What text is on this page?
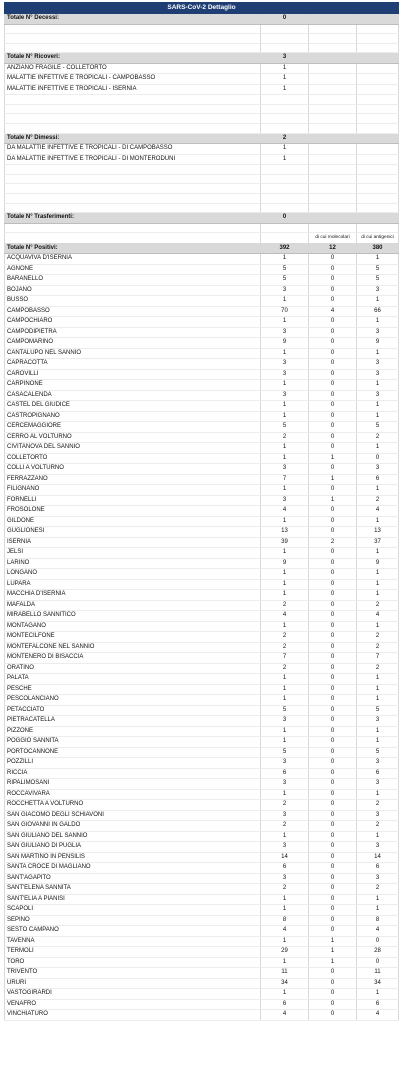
SARS-CoV-2 Dettaglio			
Totale N° Decessi:	0		

Totale N° Ricoveri:	3		
ANZIANO FRAGILE - COLLETORTO	1		
MALATTIE INFETTIVE E TROPICALI - CAMPOBASSO	1		
MALATTIE INFETTIVE E TROPICALI - ISERNIA	1		

Totale N° Dimessi:	2		
DA MALATTIE INFETTIVE E TROPICALI - DI CAMPOBASSO	1		
DA MALATTIE INFETTIVE E TROPICALI - DI MONTERODUNI	1		

Totale N° Trasferimenti:	0		

		di cui molecolari	di cui antigenici
Totale N° Positivi:	392	12	380
ACQUAVIVA D'ISERNIA	1	0	1
AGNONE	5	0	5
BARANELLO	5	0	5
BOJANO	3	0	3
BUSSO	1	0	1
CAMPOBASSO	70	4	66
CAMPOCHIARO	1	0	1
CAMPODIPIETRA	3	0	3
CAMPOMARINO	9	0	9
CANTALUPO NEL SANNIO	1	0	1
CAPRACOTTA	3	0	3
CAROVILLI	3	0	3
CARPINONE	1	0	1
CASACALENDA	3	0	3
CASTEL DEL GIUDICE	1	0	1
CASTROPIGNANO	1	0	1
CERCEMAGGIORE	5	0	5
CERRO AL VOLTURNO	2	0	2
CIVITANOVA DEL SANNIO	1	0	1
COLLETORTO	1	1	0
COLLI A VOLTURNO	3	0	3
FERRAZZANO	7	1	6
FILIGNANO	1	0	1
FORNELLI	3	1	2
FROSOLONE	4	0	4
GILDONE	1	0	1
GUGLIONESI	13	0	13
ISERNIA	39	2	37
JELSI	1	0	1
LARINO	9	0	9
LONGANO	1	0	1
LUPARA	1	0	1
MACCHIA D'ISERNIA	1	0	1
MAFALDA	2	0	2
MIRABELLO SANNITICO	4	0	4
MONTAGANO	1	0	1
MONTECILFONE	2	0	2
MONTEFALCONE NEL SANNIO	2	0	2
MONTENERO DI BISACCIA	7	0	7
ORATINO	2	0	2
PALATA	1	0	1
PESCHE	1	0	1
PESCOLANCIANO	1	0	1
PETACCIATO	5	0	5
PIETRACATELLA	3	0	3
PIZZONE	1	0	1
POGGIO SANNITA	1	0	1
PORTOCANNONE	5	0	5
POZZILLI	3	0	3
RICCIA	6	0	6
RIPALIMOSANI	3	0	3
ROCCAVIVARA	1	0	1
ROCCHETTA A VOLTURNO	2	0	2
SAN GIACOMO DEGLI SCHIAVONI	3	0	3
SAN GIOVANNI IN GALDO	2	0	2
SAN GIULIANO DEL SANNIO	1	0	1
SAN GIULIANO DI PUGLIA	3	0	3
SAN MARTINO IN PENSILIS	14	0	14
SANTA CROCE DI MAGLIANO	6	0	6
SANT'AGAPITO	3	0	3
SANT'ELENA SANNITA	2	0	2
SANT'ELIA A PIANISI	1	0	1
SCAPOLI	1	0	1
SEPINO	8	0	8
SESTO CAMPANO	4	0	4
TAVENNA	1	1	0
TERMOLI	29	1	28
TORO	1	1	0
TRIVENTO	11	0	11
URURI	34	0	34
VASTOGIRARDI	1	0	1
VENAFRO	6	0	6
VINCHIATURO	4	0	4
